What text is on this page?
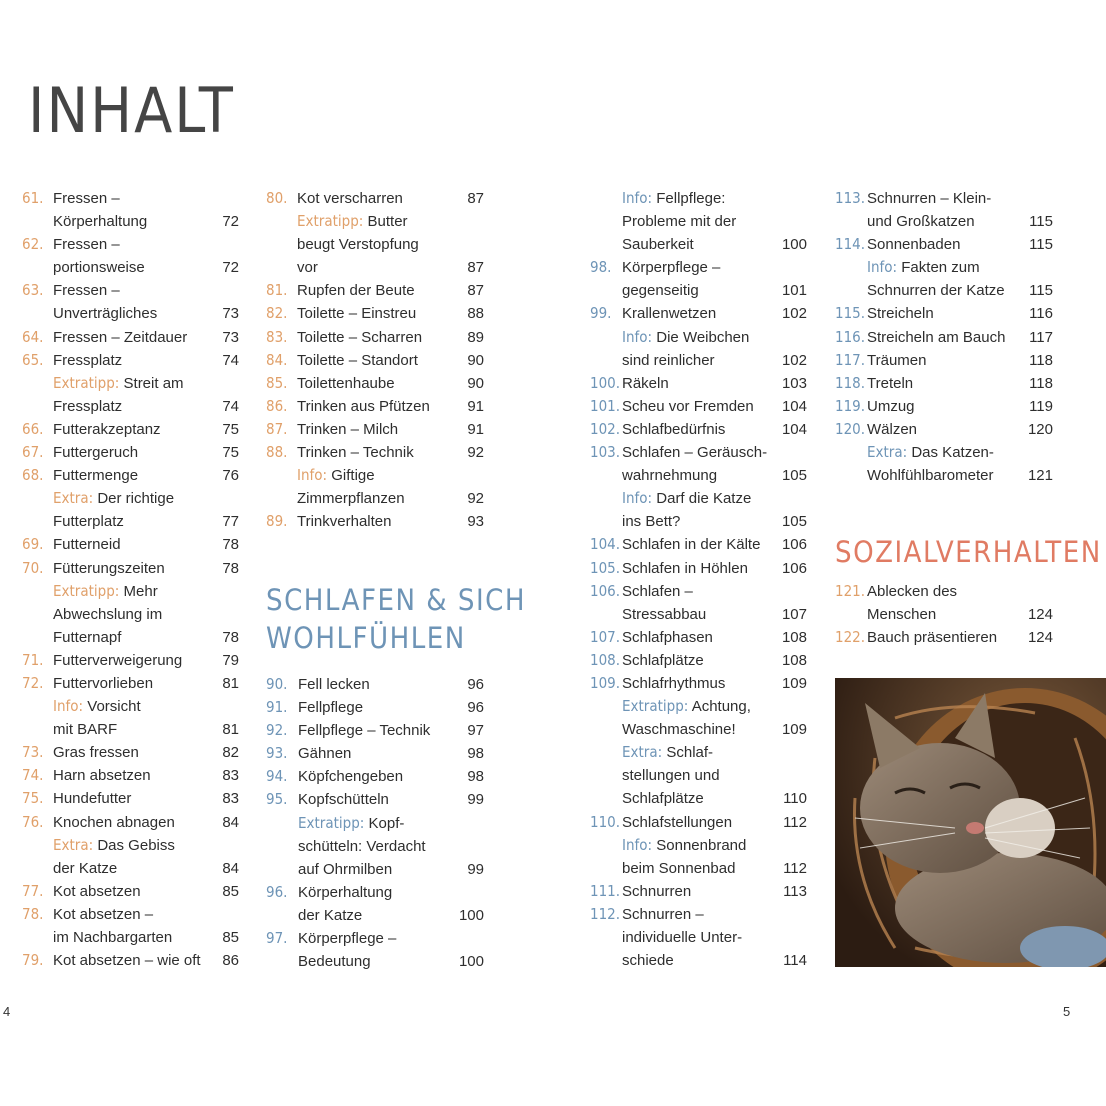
INHALT
61. Fressen –
Körperhaltung	72
62. Fressen –
portionsweise	72
63. Fressen –
Unverträgliches	73
64. Fressen – Zeitdauer 73
65. Fressplatz	74
Extratipp: Streit am
Fressplatz	74
66. Futterakzeptanz	75
67. Futtergeruch	75
68. Futtermenge	76
Extra: Der richtige
Futterplatz	77
69. Futterneid	78
70. Fütterungszeiten	78
Extratipp: Mehr
Abwechslung im
Futternapf	78
71. Futterverweigerung	79
72. Futtervorlieben	81
Info: Vorsicht
mit BARF	81
73. Gras fressen	82
74. Harn absetzen	83
75. Hundefutter	83
76. Knochen abnagen	84
Extra: Das Gebiss
der Katze	84
77. Kot absetzen	85
78. Kot absetzen –
im Nachbargarten	85
79. Kot absetzen – wie oft 86
80. Kot verscharren	87
Extratipp: Butter
beugt Verstopfung
vor	87
81. Rupfen der Beute	87
82. Toilette – Einstreu	88
83. Toilette – Scharren	89
84. Toilette – Standort	90
85. Toilettenhaube	90
86. Trinken aus Pfützen 91
87. Trinken – Milch	91
88. Trinken – Technik	92
Info: Giftige
Zimmerpflanzen	92
89. Trinkverhalten	93
SCHLAFEN & SICH
WOHLFÜHLEN
90. Fell lecken	96
91. Fellpflege	96
92. Fellpflege – Technik 97
93. Gähnen	98
94. Köpfchengeben	98
95. Kopfschütteln	99
Extratipp: Kopf-
schütteln: Verdacht
auf Ohrmilben	99
96. Körperhaltung
der Katze	100
97. Körperpflege –
Bedeutung	100
Info: Fellpflege:
Probleme mit der
Sauberkeit	100
98. Körperpflege –
gegenseitig	101
99. Krallenwetzen	102
Info: Die Weibchen
sind reinlicher	102
100. Räkeln	103
101. Scheu vor Fremden 104
102. Schlafbedürfnis	104
103. Schlafen – Geräusch-
wahrnehmung	105
Info: Darf die Katze
ins Bett?	105
104. Schlafen in der Kälte 106
105. Schlafen in Höhlen 106
106. Schlafen –
Stressabbau	107
107. Schlafphasen	108
108. Schlafplätze	108
109. Schlafrhythmus	109
Extratipp: Achtung,
Waschmaschine!	109
Extra: Schlaf-
stellungen und
Schlafplätze	110
110. Schlafstellungen	112
Info: Sonnenbrand
beim Sonnenbad	112
111. Schnurren	113
112. Schnurren –
individuelle Unter-
schiede	114
113. Schnurren – Klein-
und Großkatzen	115
114. Sonnenbaden	115
Info: Fakten zum
Schnurren der Katze 115
115. Streicheln	116
116. Streicheln am Bauch 117
117. Träumen	118
118. Treteln	118
119. Umzug	119
120. Wälzen	120
Extra: Das Katzen-
Wohlfühlbarometer 121
SOZIALVERHALTEN
121. Ablecken des
Menschen	124
122. Bauch präsentieren 124
4	5
